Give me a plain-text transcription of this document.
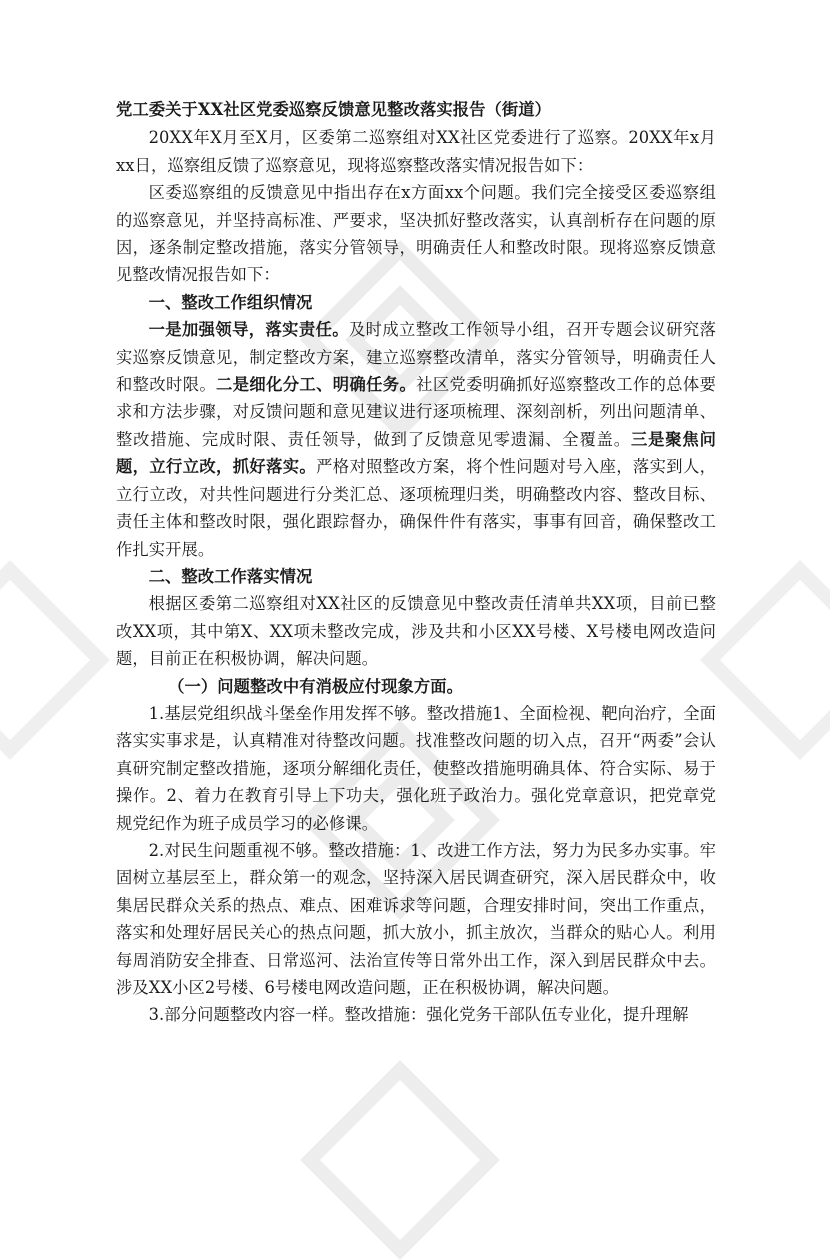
党工委关于XX社区党委巡察反馈意见整改落实报告（街道）

20XX年X月至X月，区委第二巡察组对XX社区党委进行了巡察。20XX年x月xx日，巡察组反馈了巡察意见，现将巡察整改落实情况报告如下：

区委巡察组的反馈意见中指出存在x方面xx个问题。我们完全接受区委巡察组的巡察意见，并坚持高标准、严要求，坚决抓好整改落实，认真剖析存在问题的原因，逐条制定整改措施，落实分管领导，明确责任人和整改时限。现将巡察反馈意见整改情况报告如下：

一、整改工作组织情况

一是加强领导，落实责任。及时成立整改工作领导小组，召开专题会议研究落实巡察反馈意见，制定整改方案，建立巡察整改清单，落实分管领导，明确责任人和整改时限。二是细化分工、明确任务。社区党委明确抓好巡察整改工作的总体要求和方法步骤，对反馈问题和意见建议进行逐项梳理、深刻剖析，列出问题清单、整改措施、完成时限、责任领导，做到了反馈意见零遗漏、全覆盖。三是聚焦问题，立行立改，抓好落实。严格对照整改方案，将个性问题对号入座，落实到人，立行立改，对共性问题进行分类汇总、逐项梳理归类，明确整改内容、整改目标、责任主体和整改时限，强化跟踪督办，确保件件有落实，事事有回音，确保整改工作扎实开展。

二、整改工作落实情况

根据区委第二巡察组对XX社区的反馈意见中整改责任清单共XX项，目前已整改XX项，其中第X、XX项未整改完成，涉及共和小区XX号楼、X号楼电网改造问题，目前正在积极协调，解决问题。

（一）问题整改中有消极应付现象方面。

1.基层党组织战斗堡垒作用发挥不够。整改措施1、全面检视、靶向治疗，全面落实实事求是，认真精准对待整改问题。找准整改问题的切入点，召开“两委”会认真研究制定整改措施，逐项分解细化责任，使整改措施明确具体、符合实际、易于操作。2、着力在教育引导上下功夫，强化班子政治力。强化党章意识，把党章党规党纪作为班子成员学习的必修课。

2.对民生问题重视不够。整改措施：1、改进工作方法，努力为民多办实事。牢固树立基层至上，群众第一的观念，坚持深入居民调查研究，深入居民群众中，收集居民群众关系的热点、难点、困难诉求等问题，合理安排时间，突出工作重点，落实和处理好居民关心的热点问题，抓大放小，抓主放次，当群众的贴心人。利用每周消防安全排查、日常巡河、法治宣传等日常外出工作，深入到居民群众中去。涉及XX小区2号楼、6号楼电网改造问题，正在积极协调，解决问题。

3.部分问题整改内容一样。整改措施：强化党务干部队伍专业化，提升理解
